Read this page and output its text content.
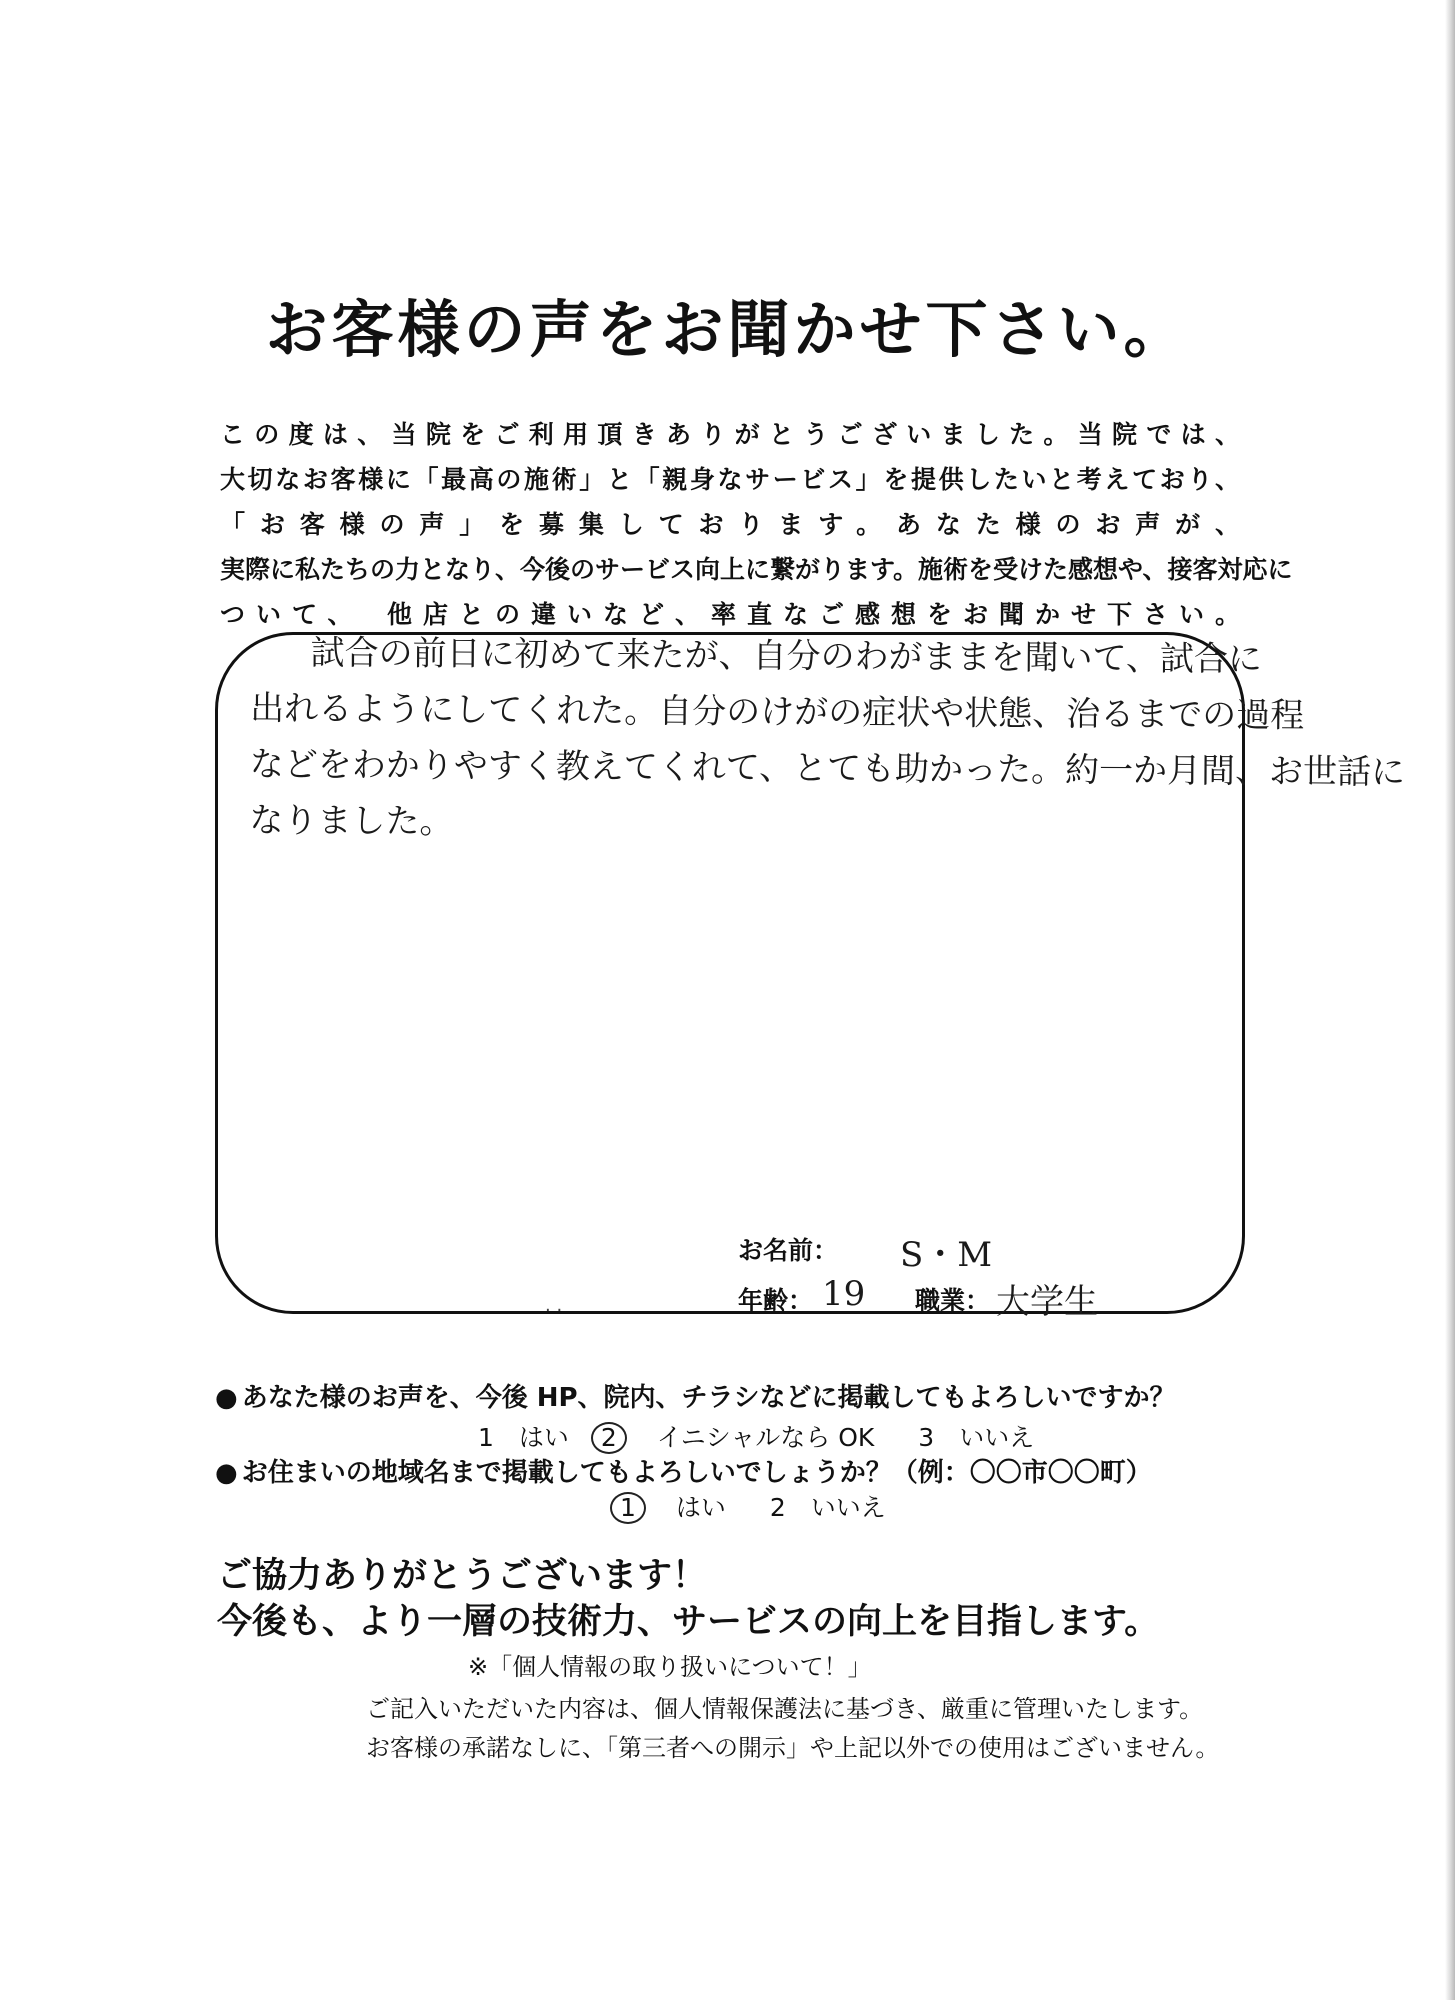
お客様の声をお聞かせ下さい。
この度は、当院をご利用頂きありがとうございました。当院では、
大切なお客様に「最高の施術」と「親身なサービス」を提供したいと考えており、
「お客様の声」を募集しております。あなた様のお声が、
実際に私たちの力となり、今後のサービス向上に繋がります。施術を受けた感想や、接客対応に
ついて、　他店との違いなど、率直なご感想をお聞かせ下さい。
試合の前日に初めて来たが、自分のわがままを聞いて、試合に
出れるようにしてくれた。自分のけがの症状や状態、治るまでの過程
などをわかりやすく教えてくれて、とても助かった。約一か月間、お世話に
なりました。
· ·
お名前： S・M
年齢： 19 職業： 大学生
● あなた様のお声を、今後 HP、院内、チラシなどに掲載してもよろしいですか？
1　はい 2 イニシャルなら OK 3　いいえ
● お住まいの地域名まで掲載してもよろしいでしょうか？（例：〇〇市〇〇町）
1 はい 2　いいえ
ご協力ありがとうございます！
今後も、より一層の技術力、サービスの向上を目指します。
※「個人情報の取り扱いについて！」
ご記入いただいた内容は、個人情報保護法に基づき、厳重に管理いたします。
お客様の承諾なしに、「第三者への開示」や上記以外での使用はございません。
